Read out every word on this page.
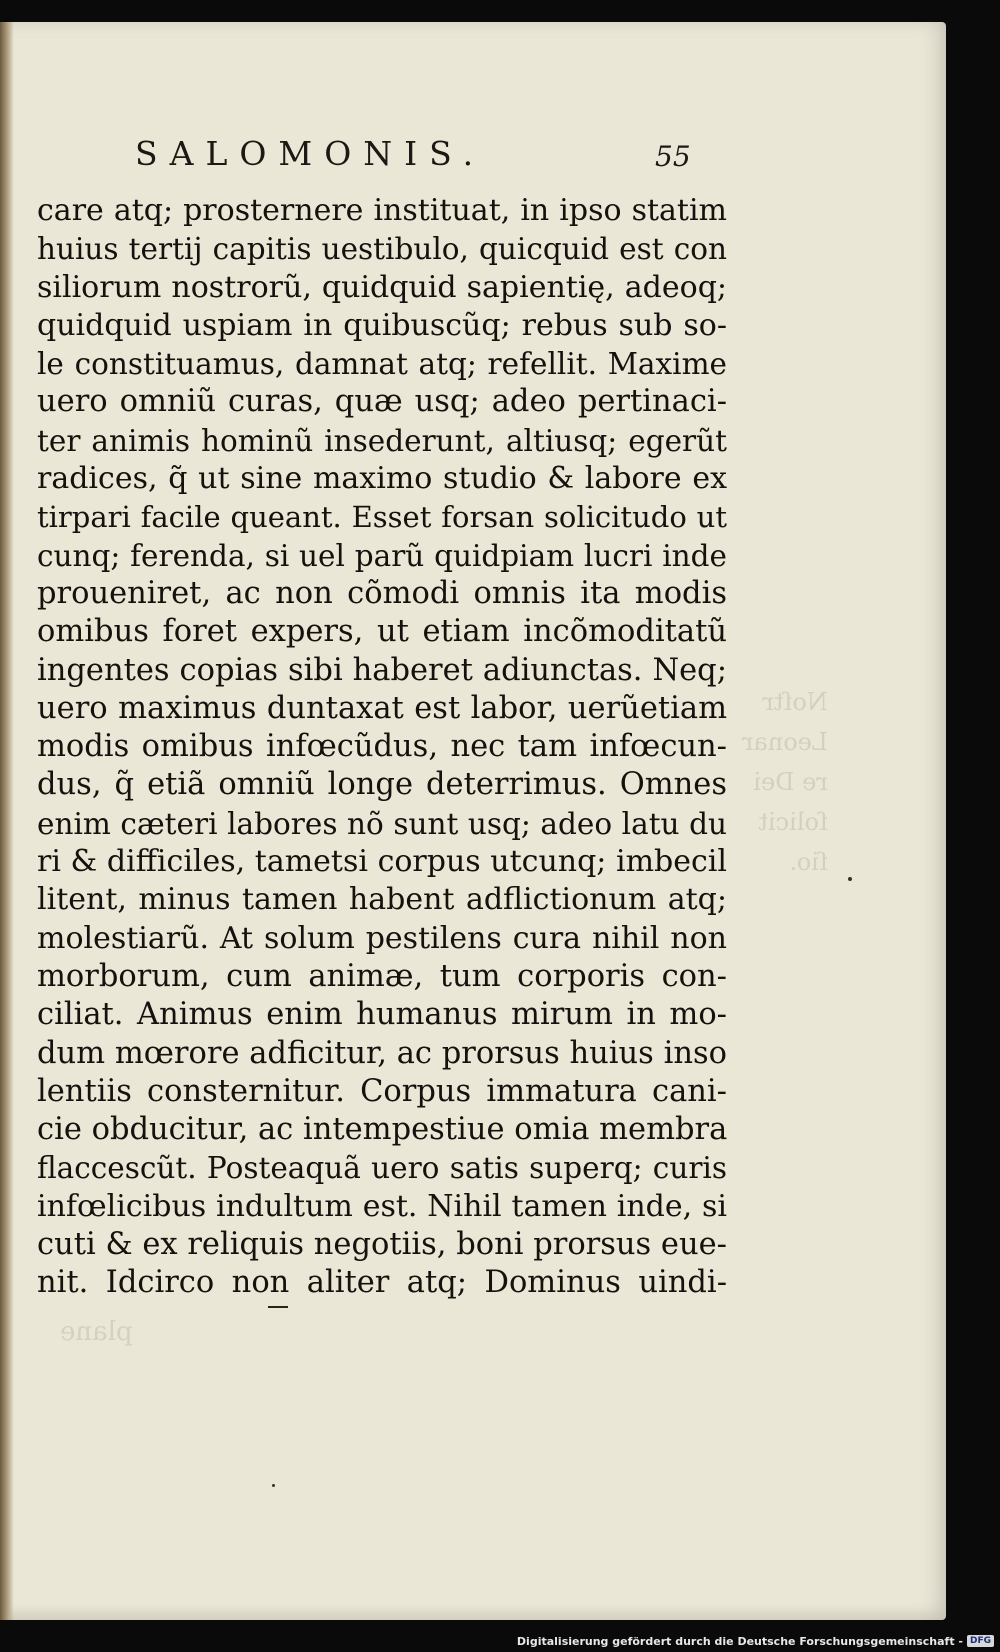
Noſtr
Leonar
re Dei
ſolicit
ſio.
plane
SALOMONIS.	55
care atq; prosternere instituat, in ipso statim
huius tertij capitis uestibulo, quicquid est con
siliorum nostrorũ, quidquid sapientię, adeoq;
quidquid uspiam in quibuscũq; rebus sub so-
le constituamus, damnat atq; refellit. Maxime
uero omniũ curas, quæ usq; adeo pertinaci-
ter animis hominũ insederunt, altiusq; egerũt
radices, q̃ ut sine maximo studio & labore ex
tirpari facile queant. Esset forsan solicitudo ut
cunq; ferenda, si uel parũ quidpiam lucri inde
proueniret, ac non cõmodi omnis ita modis
omibus foret expers, ut etiam incõmoditatũ
ingentes copias sibi haberet adiunctas. Neq;
uero maximus duntaxat est labor, uerũetiam
modis omibus infœcũdus, nec tam infœcun-
dus, q̃ etiã omniũ longe deterrimus. Omnes
enim cæteri labores nõ sunt usq; adeo latu du
ri & difficiles, tametsi corpus utcunq; imbecil
litent, minus tamen habent adflictionum atq;
molestiarũ. At solum pestilens cura nihil non
morborum, cum animæ, tum corporis con-
ciliat. Animus enim humanus mirum in mo-
dum mœrore adficitur, ac prorsus huius inso
lentiis consternitur. Corpus immatura cani-
cie obducitur, ac intempestiue omia membra
flaccescũt. Posteaquã uero satis superq; curis
infœlicibus indultum est. Nihil tamen inde, si
cuti & ex reliquis negotiis, boni prorsus eue-
nit. Idcirco non aliter atq; Dominus uindi-
Digitalisierung gefördert durch die Deutsche Forschungsgemeinschaft - DFG
